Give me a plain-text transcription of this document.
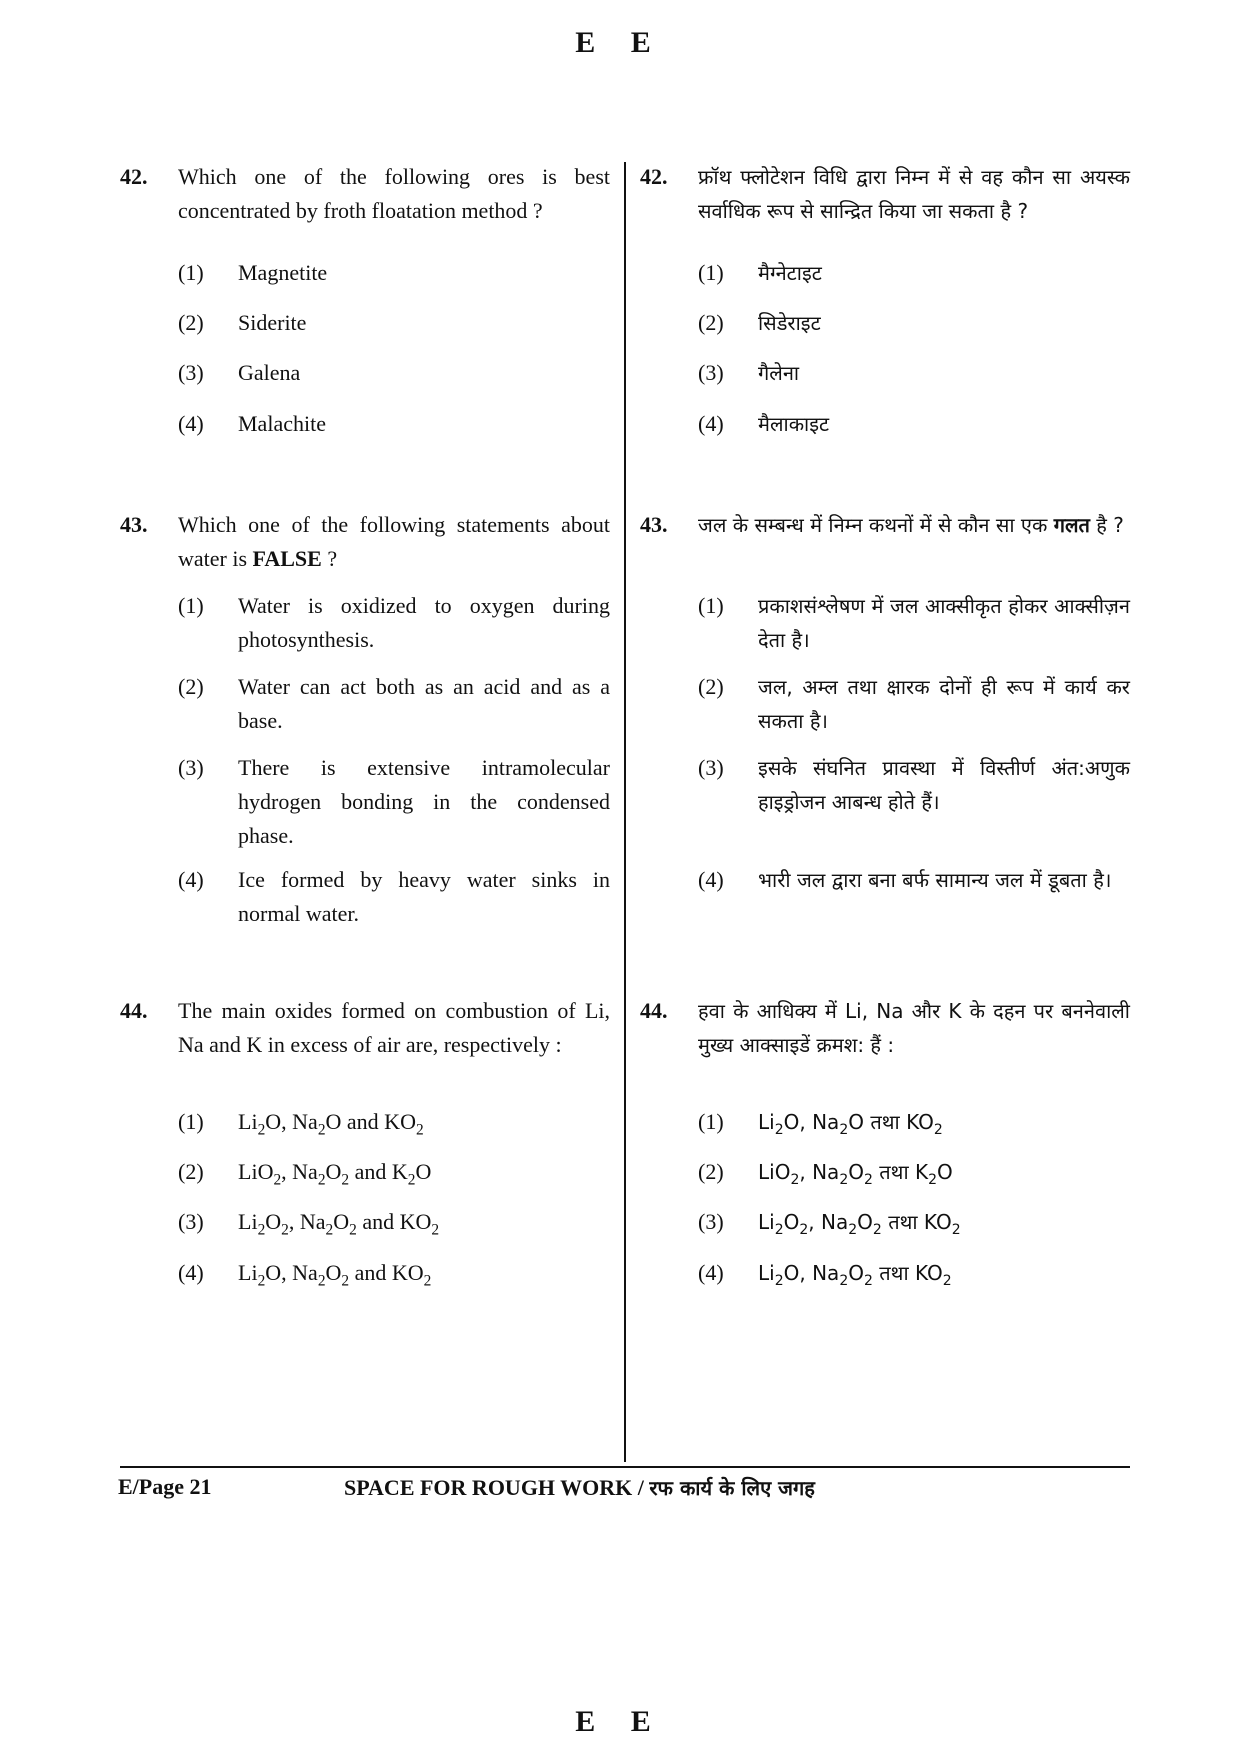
E E
42. Which one of the following ores is best concentrated by froth floatation method ?
(1) Magnetite
(2) Siderite
(3) Galena
(4) Malachite
43. Which one of the following statements about water is FALSE ?
(1) Water is oxidized to oxygen during photosynthesis.
(2) Water can act both as an acid and as a base.
(3) There is extensive intramolecular hydrogen bonding in the condensed phase.
(4) Ice formed by heavy water sinks in normal water.
44. The main oxides formed on combustion of Li, Na and K in excess of air are, respectively :
(1) $Li_2O$, $Na_2O$ and $KO_2$
(2) LiO$_2$, $Na_2O_2$ and $K_2O$
(3) $Li_2O_2$, $Na_2O_2$ and $KO_2$
(4) $Li_2O$, $Na_2O_2$ and $KO_2$
42. फ्रॉथ फ्लोटेशन विधि द्वारा निम्न में से वह कौन सा अयस्क सर्वाधिक रूप से सान्द्रित किया जा सकता है ?
(1) मैग्नेटाइट
(2) सिडेराइट
(3) गैलेना
(4) मैलाकाइट
43. जल के सम्बन्ध में निम्न कथनों में से कौन सा एक गलत है ?
(1) प्रकाशसंश्लेषण में जल आक्सीकृत होकर आक्सीज़न देता है।
(2) जल, अम्ल तथा क्षारक दोनों ही रूप में कार्य कर सकता है।
(3) इसके संघनित प्रावस्था में विस्तीर्ण अंत:अणुक हाइड्रोजन आबन्ध होते हैं।
(4) भारी जल द्वारा बना बर्फ सामान्य जल में डूबता है।
44. हवा के आधिक्य में Li, Na और K के दहन पर बननेवाली मुख्य आक्साइडें क्रमश: हैं :
(1) $Li_2O$, $Na_2O$ तथा $KO_2$
(2) LiO$_2$, $Na_2O_2$ तथा $K_2O$
(3) $Li_2O_2$, $Na_2O_2$ तथा $KO_2$
(4) $Li_2O$, $Na_2O_2$ तथा $KO_2$
E/Page 21	SPACE FOR ROUGH WORK / रफ कार्य के लिए जगह
E E
